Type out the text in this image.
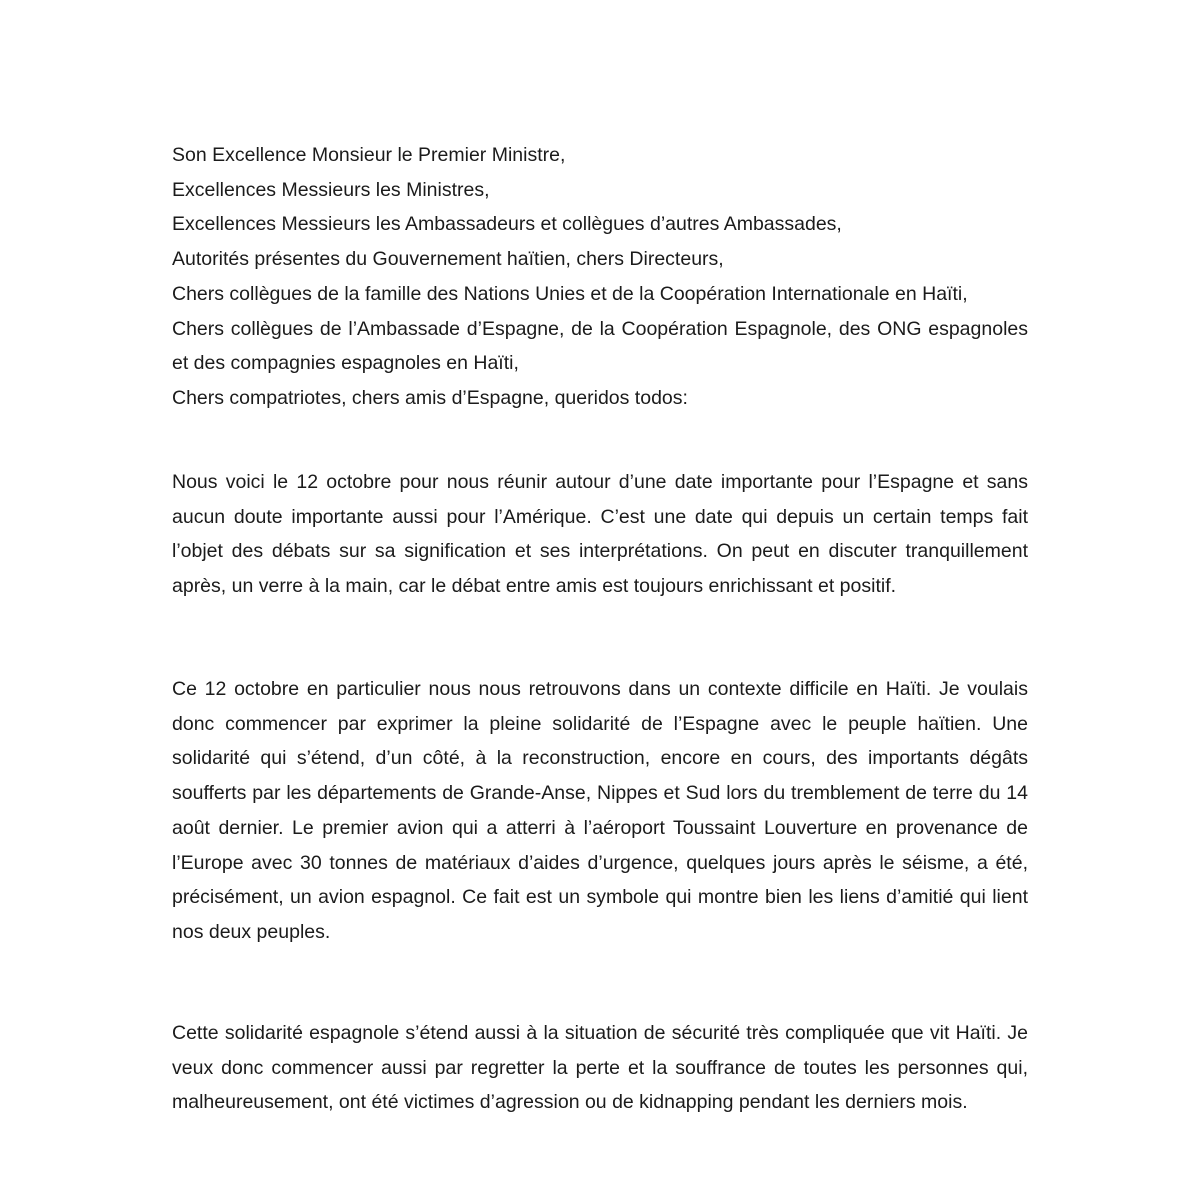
Son Excellence Monsieur le Premier Ministre,
Excellences Messieurs les Ministres,
Excellences Messieurs les Ambassadeurs et collègues d’autres Ambassades,
Autorités présentes du Gouvernement haïtien, chers Directeurs,
Chers collègues de la famille des Nations Unies et de la Coopération Internationale en Haïti,
Chers collègues de l’Ambassade d’Espagne, de la Coopération Espagnole, des ONG espagnoles et des compagnies espagnoles en Haïti,
Chers compatriotes, chers amis d’Espagne, queridos todos:

Nous voici le 12 octobre pour nous réunir autour d’une date importante pour l’Espagne et sans aucun doute importante aussi pour l’Amérique. C’est une date qui depuis un certain temps fait l’objet des débats sur sa signification et ses interprétations. On peut en discuter tranquillement après, un verre à la main, car le débat entre amis est toujours enrichissant et positif.

Ce 12 octobre en particulier nous nous retrouvons dans un contexte difficile en Haïti. Je voulais donc commencer par exprimer la pleine solidarité de l’Espagne avec le peuple haïtien. Une solidarité qui s’étend, d’un côté, à la reconstruction, encore en cours, des importants dégâts soufferts par les départements de Grande-Anse, Nippes et Sud lors du tremblement de terre du 14 août dernier. Le premier avion qui a atterri à l’aéroport Toussaint Louverture en provenance de l’Europe avec 30 tonnes de matériaux d’aides d’urgence, quelques jours après le séisme, a été, précisément, un avion espagnol. Ce fait est un symbole qui montre bien les liens d’amitié qui lient nos deux peuples.

Cette solidarité espagnole s’étend aussi à la situation de sécurité très compliquée que vit Haïti. Je veux donc commencer aussi par regretter la perte et la souffrance de toutes les personnes qui, malheureusement, ont été victimes d’agression ou de kidnapping pendant les derniers mois.
